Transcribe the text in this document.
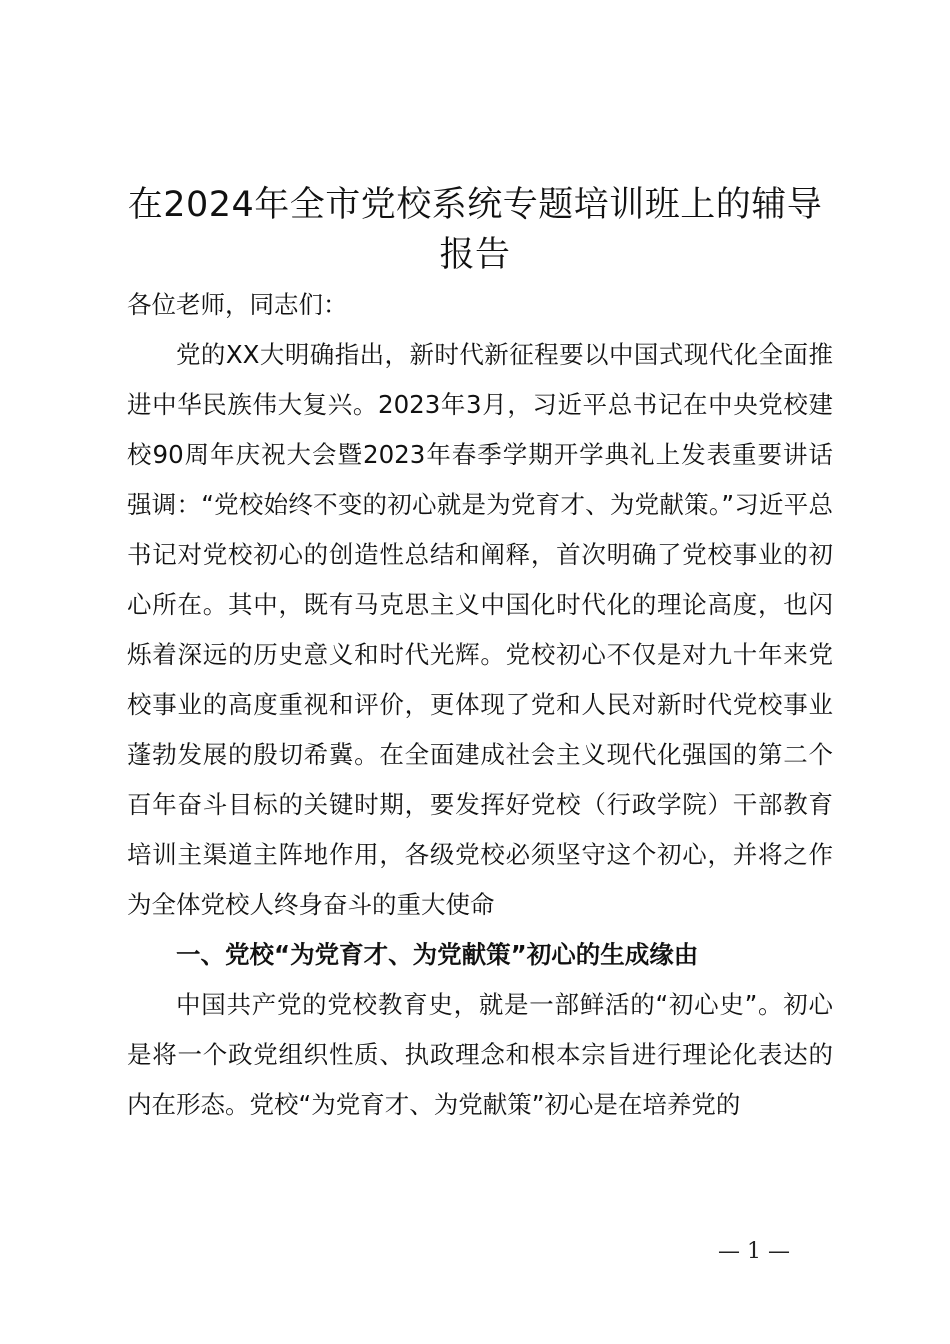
在2024年全市党校系统专题培训班上的辅导报告

各位老师，同志们：

党的XX大明确指出，新时代新征程要以中国式现代化全面推进中华民族伟大复兴。2023年3月，习近平总书记在中央党校建校90周年庆祝大会暨2023年春季学期开学典礼上发表重要讲话强调：“党校始终不变的初心就是为党育才、为党献策。”习近平总书记对党校初心的创造性总结和阐释，首次明确了党校事业的初心所在。其中，既有马克思主义中国化时代化的理论高度，也闪烁着深远的历史意义和时代光辉。党校初心不仅是对九十年来党校事业的高度重视和评价，更体现了党和人民对新时代党校事业蓬勃发展的殷切希冀。在全面建成社会主义现代化强国的第二个百年奋斗目标的关键时期，要发挥好党校（行政学院）干部教育培训主渠道主阵地作用，各级党校必须坚守这个初心，并将之作为全体党校人终身奋斗的重大使命

一、党校“为党育才、为党献策”初心的生成缘由

中国共产党的党校教育史，就是一部鲜活的“初心史”。初心是将一个政党组织性质、执政理念和根本宗旨进行理论化表达的内在形态。党校“为党育才、为党献策”初心是在培养党的

— 1 —
